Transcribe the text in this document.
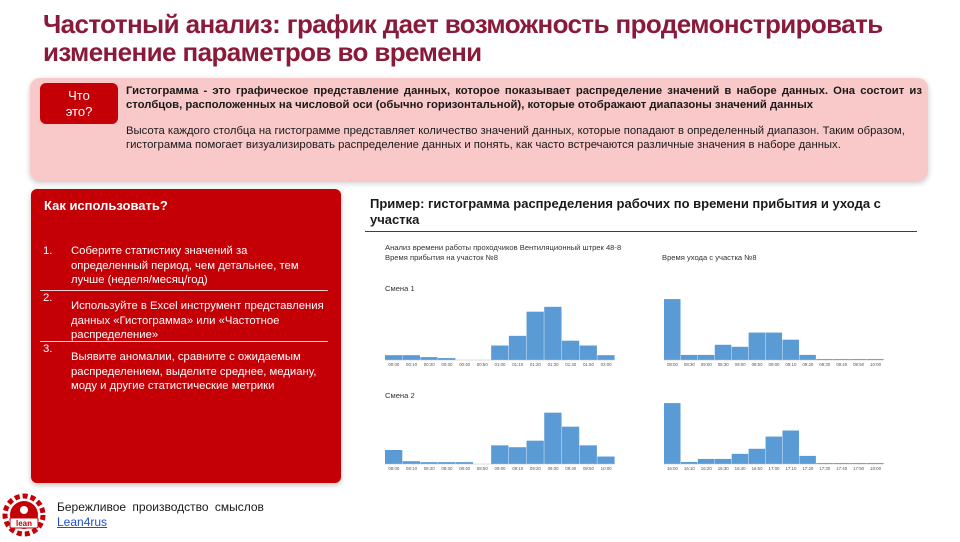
Частотный анализ: график дает возможность продемонстрировать изменение параметров во времени
Что
это?

Гистограмма - это графическое представление данных, которое показывает распределение значений в наборе данных. Она состоит из столбцов, расположенных на числовой оси (обычно горизонтальной), которые отображают диапазоны значений данных

Высота каждого столбца на гистограмме представляет количество значений данных, которые попадают в определенный диапазон. Таким образом, гистограмма помогает визуализировать распределение данных и понять, как часто встречаются различные значения в наборе данных.

Как использовать?
1. Соберите статистику значений за определенный период, чем детальнее, тем лучше (неделя/месяц/год)
2.
Используйте в Excel инструмент представления данных «Гистограмма» или «Частотное распределение»
3.
Выявите аномалии, сравните с ожидаемым распределением, выделите среднее, медиану, моду и другие статистические метрики
Пример: гистограмма распределения рабочих по времени прибытия и ухода с участка
Анализ времени работы проходчиков Вентиляционный штрек 48-8
Время прибытия на участок №8	Время ухода с участка №8
Смена 1
Смена 2
00:00 00:10 00:20 00:30 00:40 00:50 01:00 01:10 01:20 01:30 01:40 01:50 02:00	08:00 08:30 09:00 08:30 09:00 08:50 09:00 09:10 09:20 09:30 09:40 09:50 10:00
08:00 08:10 08:20 08:30 08:40 08:50 09:00 09:10 09:20 09:30 09:40 09:50 10:00	16:00 16:10 16:20 16:30 16:40 16:50 17:00 17:10 17:20 17:30 17:40 17:50 18:00
lean
Бережливое производство смыслов
Lean4rus
